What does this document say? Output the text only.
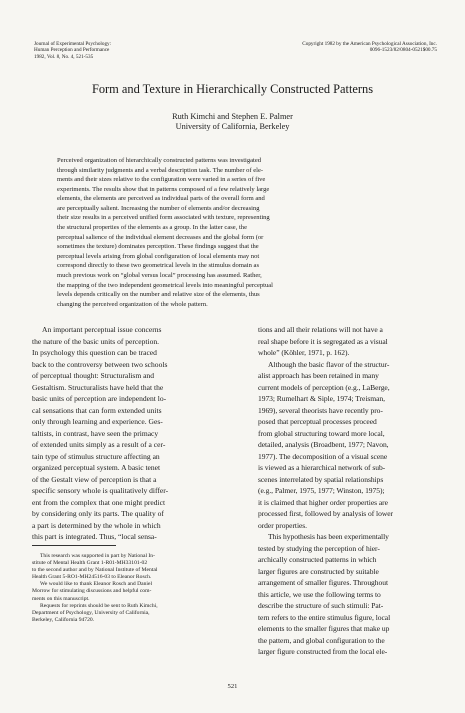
Journal of Experimental Psychology:
Human Perception and Performance
1982, Vol. 8, No. 4, 521-535
Copyright 1982 by the American Psychological Association, Inc.
0096-1523/82/0804-0521$00.75
Form and Texture in Hierarchically Constructed Patterns
Ruth Kimchi and Stephen E. Palmer
University of California, Berkeley
Perceived organization of hierarchically constructed patterns was investigated
through similarity judgments and a verbal description task. The number of ele-
ments and their sizes relative to the configuration were varied in a series of five
experiments. The results show that in patterns composed of a few relatively large
elements, the elements are perceived as individual parts of the overall form and
are perceptually salient. Increasing the number of elements and/or decreasing
their size results in a perceived unified form associated with texture, representing
the structural properties of the elements as a group. In the latter case, the
perceptual salience of the individual element decreases and the global form (or
sometimes the texture) dominates perception. These findings suggest that the
perceptual levels arising from global configuration of local elements may not
correspond directly to these two geometrical levels in the stimulus domain as
much previous work on “global versus local” processing has assumed. Rather,
the mapping of the two independent geometrical levels into meaningful perceptual
levels depends critically on the number and relative size of the elements, thus
changing the perceived organization of the whole pattern.
An important perceptual issue concerns
the nature of the basic units of perception.
In psychology this question can be traced
back to the controversy between two schools
of perceptual thought: Structuralism and
Gestaltism. Structuralists have held that the
basic units of perception are independent lo-
cal sensations that can form extended units
only through learning and experience. Ges-
taltists, in contrast, have seen the primacy
of extended units simply as a result of a cer-
tain type of stimulus structure affecting an
organized perceptual system. A basic tenet
of the Gestalt view of perception is that a
specific sensory whole is qualitatively differ-
ent from the complex that one might predict
by considering only its parts. The quality of
a part is determined by the whole in which
this part is integrated. Thus, “local sensa-
tions and all their relations will not have a
real shape before it is segregated as a visual
whole” (Köhler, 1971, p. 162).
Although the basic flavor of the structur-
alist approach has been retained in many
current models of perception (e.g., LaBerge,
1973; Rumelhart & Siple, 1974; Treisman,
1969), several theorists have recently pro-
posed that perceptual processes proceed
from global structuring toward more local,
detailed, analysis (Broadbent, 1977; Navon,
1977). The decomposition of a visual scene
is viewed as a hierarchical network of sub-
scenes interrelated by spatial relationships
(e.g., Palmer, 1975, 1977; Winston, 1975);
it is claimed that higher order properties are
processed first, followed by analysis of lower
order properties.
This hypothesis has been experimentally
tested by studying the perception of hier-
archically constructed patterns in which
larger figures are constructed by suitable
arrangement of smaller figures. Throughout
this article, we use the following terms to
describe the structure of such stimuli: Pat-
tern refers to the entire stimulus figure, local
elements to the smaller figures that make up
the pattern, and global configuration to the
larger figure constructed from the local ele-
This research was supported in part by National In-
stitute of Mental Health Grant 1-R01-MH33101-02
to the second author and by National Institute of Mental
Health Grant 5-RO1-MH24516-03 to Eleanor Rosch.
We would like to thank Eleanor Rosch and Daniel
Morrow for stimulating discussions and helpful com-
ments on this manuscript.
Requests for reprints should be sent to Ruth Kimchi,
Department of Psychology, University of California,
Berkeley, California 94720.
521
